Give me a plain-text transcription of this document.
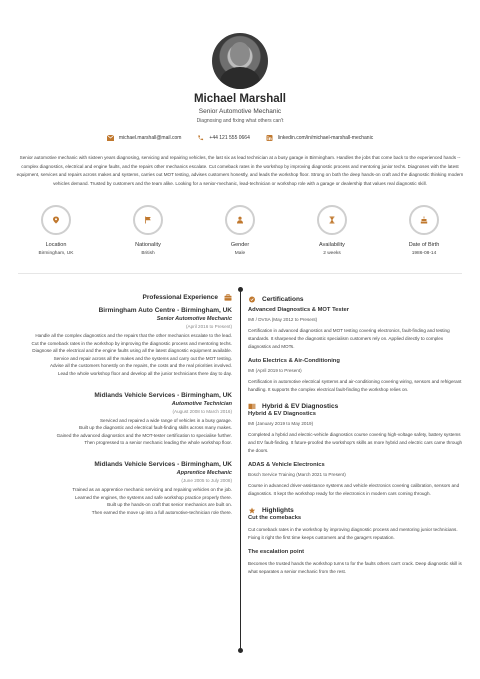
Michael Marshall
Senior Automotive Mechanic
Diagnosing and fixing what others can't
michael.marshall@mail.com	+44 121 555 0664	linkedin.com/in/michael-marshall-mechanic
Senior automotive mechanic with sixteen years diagnosing, servicing and repairing vehicles, the last six as lead technician at a busy garage in Birmingham. Handles the jobs that come back to the experienced hands -- complex diagnostics, electrical and engine faults, and the repairs other mechanics escalate. Cut comeback rates in the workshop by improving diagnostic process and mentoring junior techs. Diagnoses with the latest equipment, services and repairs across makes and systems, carries out MOT testing, advises customers honestly, and leads the workshop floor. Strong on both the deep hands-on craft and the diagnostic thinking modern vehicles demand. Trusted by customers and the team alike. Looking for a senior-mechanic, lead-technician or workshop role with a garage or dealership that values real diagnostic skill.
Location
Birmingham, UK
Nationality
British
Gender
Male
Availability
2 weeks
Date of Birth
1986-08-14
Professional Experience
Birmingham Auto Centre - Birmingham, UK
Senior Automotive Mechanic
(April 2016 to Present)
Handle all the complex diagnostics and the repairs that the other mechanics escalate to the lead.
Cut the comeback rates in the workshop by improving the diagnostic process and mentoring techs.
Diagnose all the electrical and the engine faults using all the latest diagnostic equipment available.
Service and repair across all the makes and the systems and carry out the MOT testing.
Advise all the customers honestly on the repairs, the costs and the real priorities involved.
Lead the whole workshop floor and develop all the junior technicians there day to day.
Midlands Vehicle Services - Birmingham, UK
Automotive Technician
(August 2008 to March 2016)
Serviced and repaired a wide range of vehicles in a busy garage.
Built up the diagnostic and electrical fault-finding skills across many makes.
Gained the advanced diagnostics and the MOT-tester certification to specialise further.
Then progressed to a senior mechanic leading the whole workshop floor.
Midlands Vehicle Services - Birmingham, UK
Apprentice Mechanic
(June 2005 to July 2008)
Trained as an apprentice mechanic servicing and repairing vehicles on the job.
Learned the engines, the systems and safe workshop practice properly there.
Built up the hands-on craft that senior mechanics are built on.
Then earned the move up into a full automotive-technician role there.
Certifications
Advanced Diagnostics & MOT Tester
IMI / DVSA (May 2012 to Present)
Certification in advanced diagnostics and MOT testing covering electronics, fault-finding and testing standards. It sharpened the diagnostic specialism customers rely on. Applied directly to complex diagnostics and MOTs.
Auto Electrics & Air-Conditioning
IMI (April 2019 to Present)
Certification in automotive electrical systems and air-conditioning covering wiring, sensors and refrigerant handling. It supports the complex electrical fault-finding the workshop relies on.
Hybrid & EV Diagnostics
Hybrid & EV Diagnostics
IMI (January 2019 to May 2019)
Completed a hybrid and electric-vehicle diagnostics course covering high-voltage safety, battery systems and EV fault-finding. It future-proofed the workshop's skills as more hybrid and electric cars came through the doors.
ADAS & Vehicle Electronics
Bosch Service Training (March 2021 to Present)
Course in advanced driver-assistance systems and vehicle electronics covering calibration, sensors and diagnostics. It kept the workshop ready for the electronics in modern cars coming through.
Highlights
Cut the comebacks
Cut comeback rates in the workshop by improving diagnostic process and mentoring junior technicians. Fixing it right the first time keeps customers and the garage's reputation.
The escalation point
Becomes the trusted hands the workshop turns to for the faults others can't crack. Deep diagnostic skill is what separates a senior mechanic from the rest.
